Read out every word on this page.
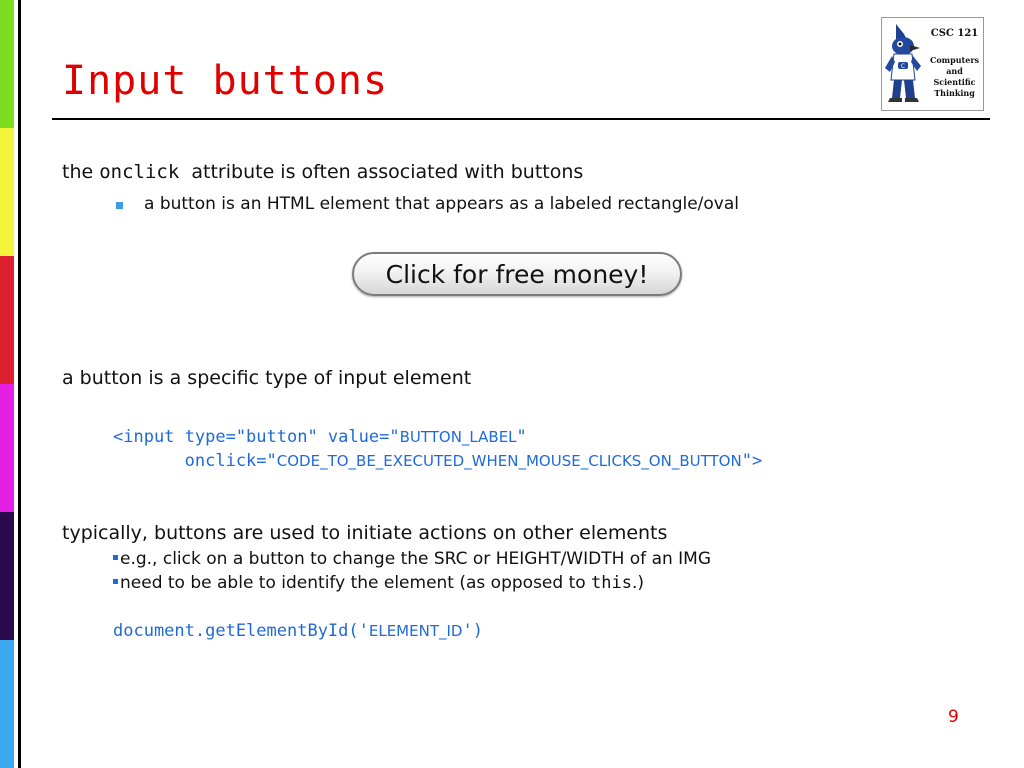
Input buttons	C
CSC 121
Computers
and
Scientific
Thinking
the onclick  attribute is often associated with buttons
a button is an HTML element that appears as a labeled rectangle/oval
Click for free money!
a button is a specific type of input element
<input type="button" value="BUTTON_LABEL"
onclick="CODE_TO_BE_EXECUTED_WHEN_MOUSE_CLICKS_ON_BUTTON">
typically, buttons are used to initiate actions on other elements
e.g., click on a button to change the SRC or HEIGHT/WIDTH of an IMG
need to be able to identify the element (as opposed to this.)
document.getElementById('ELEMENT_ID')
9
